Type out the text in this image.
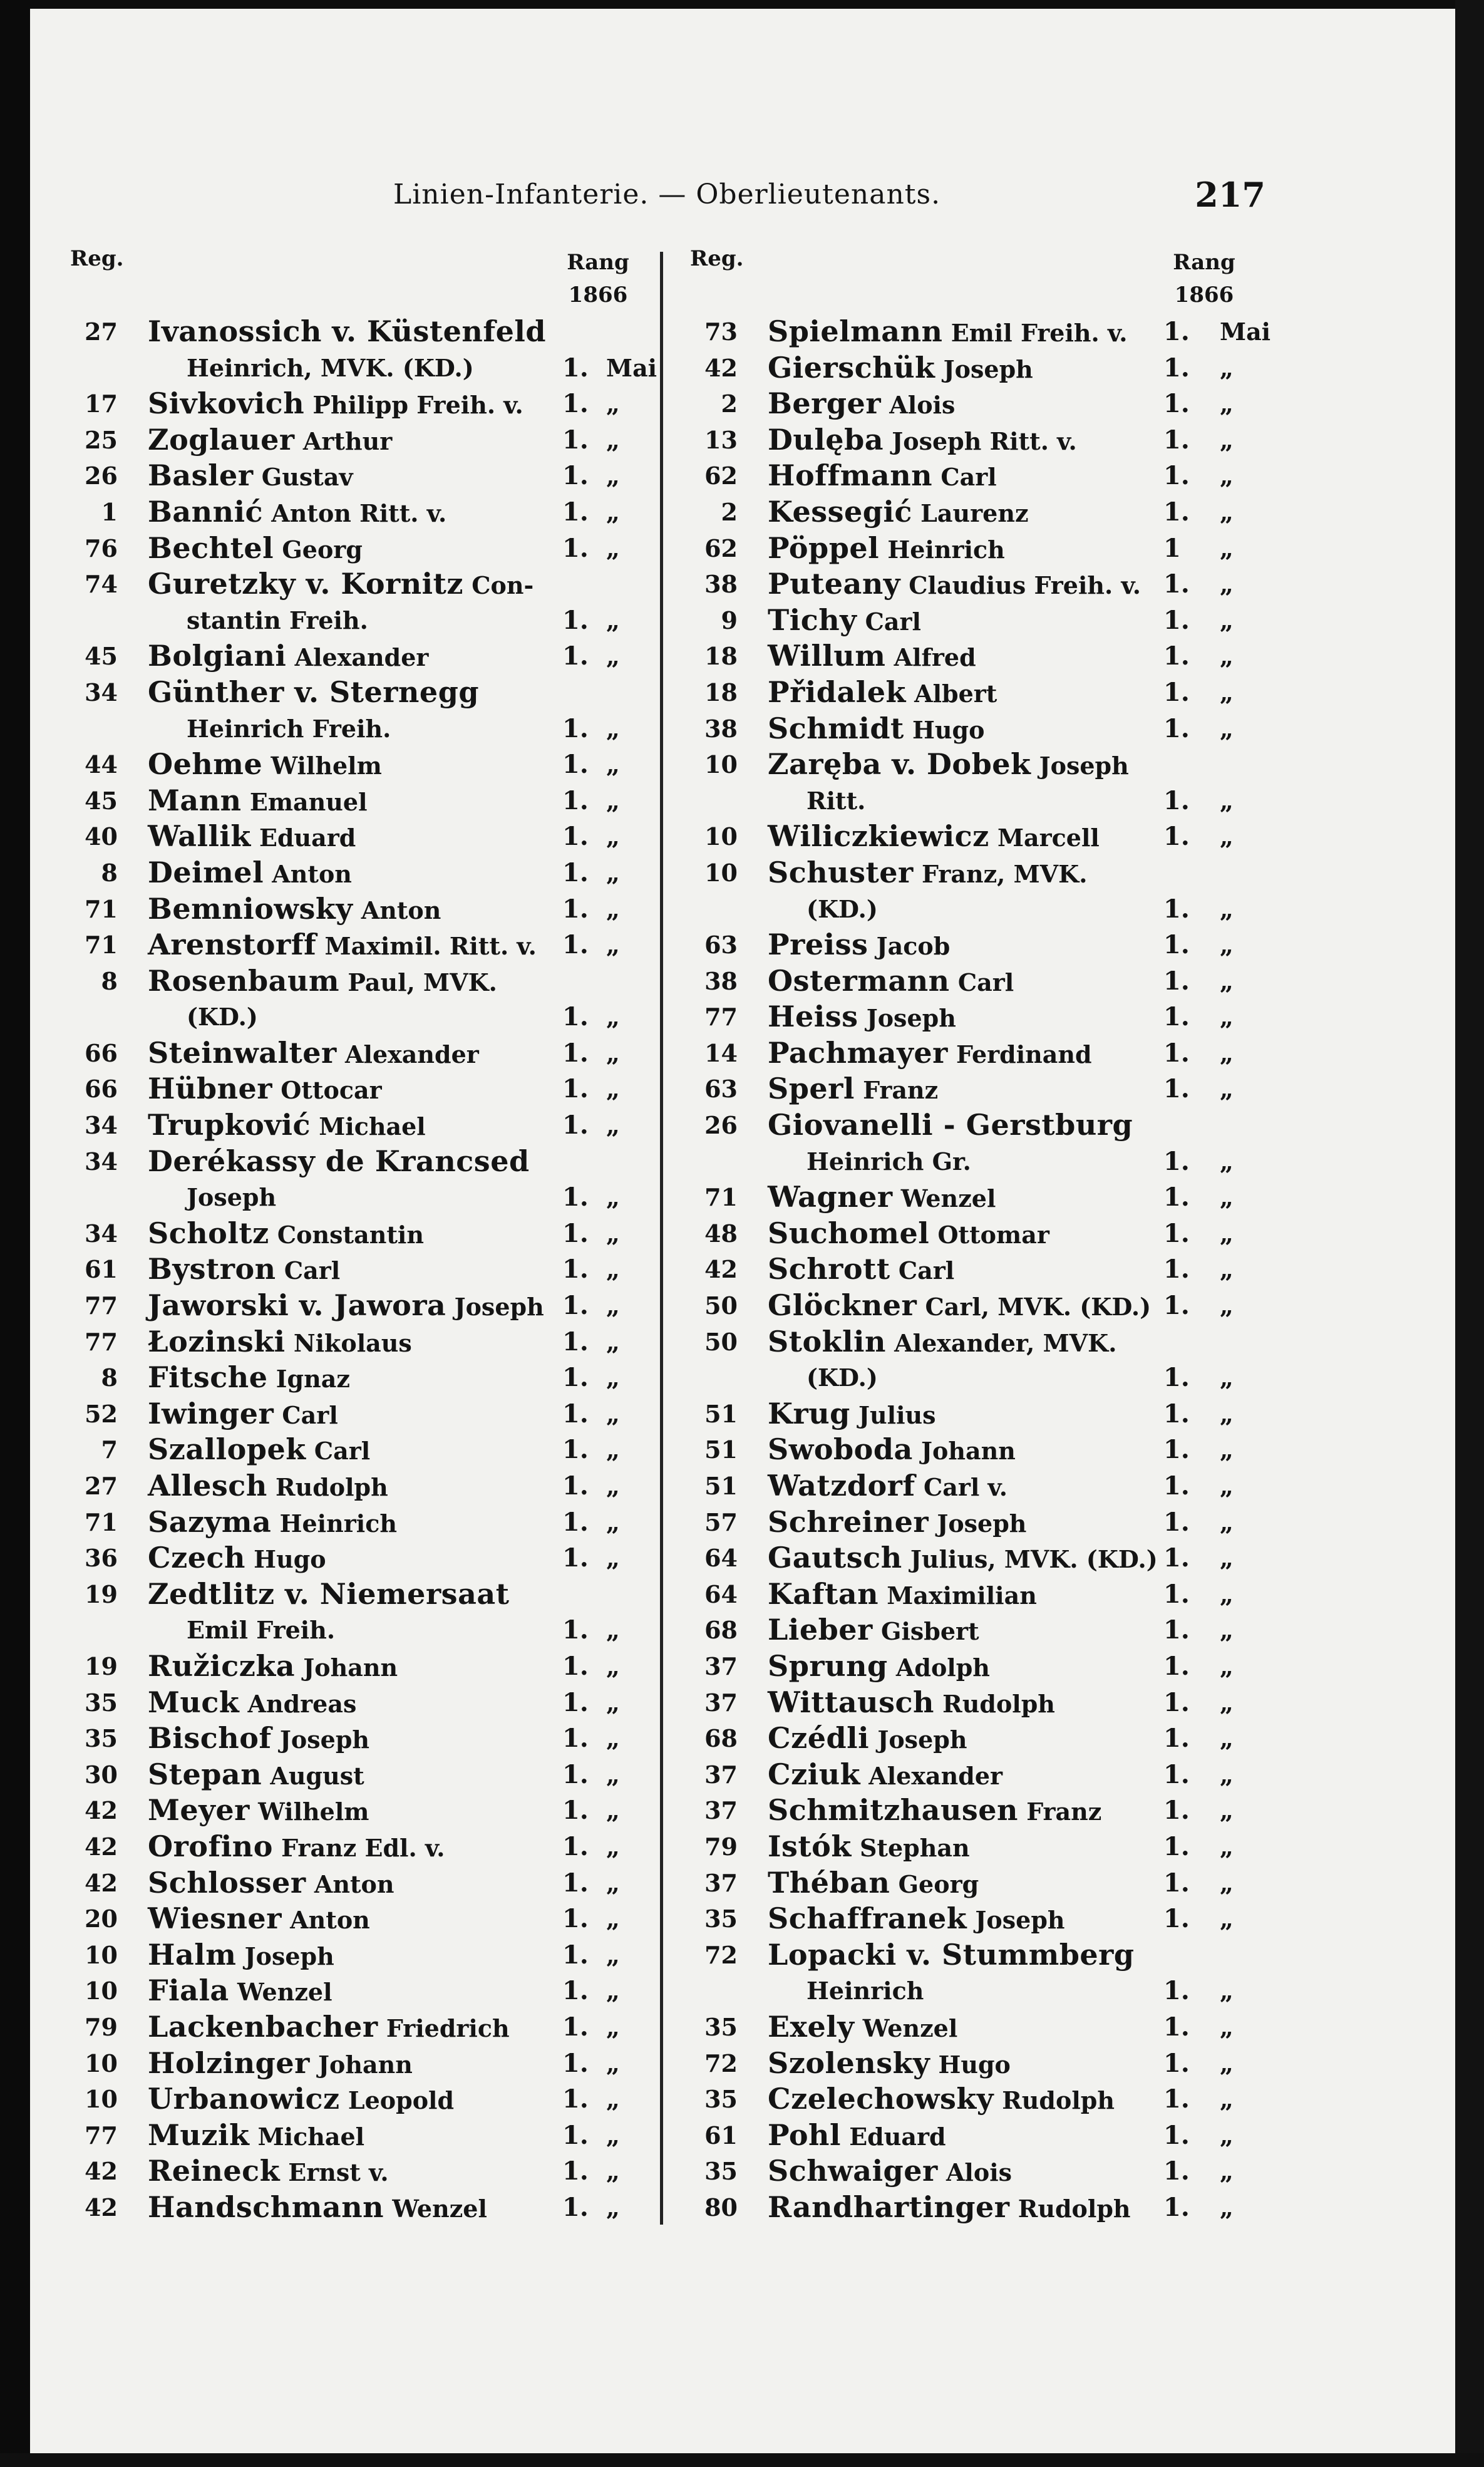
Linien-Infanterie. — Oberlieutenants.	217
Reg.	Rang
1866
27 Ivanossich v. Küstenfeld
Heinrich, MVK. (KD.)	1. Mai
17 Sivkovich Philipp Freih. v. 1. „
25 Zoglauer Arthur	1. „
26 Basler Gustav	1. „
1 Bannić Anton Ritt. v.	1. „
76 Bechtel Georg	1. „
74 Guretzky v. Kornitz Con-
stantin Freih.	1. „
45 Bolgiani Alexander	1. „
34 Günther v. Sternegg
Heinrich Freih.	1. „
44 Oehme Wilhelm	1. „
45 Mann Emanuel	1. „
40 Wallik Eduard	1. „
8 Deimel Anton	1. „
71 Bemniowsky Anton	1. „
71 Arenstorff Maximil. Ritt. v. 1. „
8 Rosenbaum Paul, MVK.
(KD.)	1. „
66 Steinwalter Alexander	1. „
66 Hübner Ottocar	1. „
34 Trupković Michael	1. „
34 Derékassy de Krancsed
Joseph	1. „
34 Scholtz Constantin	1. „
61 Bystron Carl	1. „
77 Jaworski v. Jawora Joseph 1. „
77 Łozinski Nikolaus	1. „
8 Fitsche Ignaz	1. „
52 Iwinger Carl	1. „
7 Szallopek Carl	1. „
27 Allesch Rudolph	1. „
71 Sazyma Heinrich	1. „
36 Czech Hugo	1. „
19 Zedtlitz v. Niemersaat
Emil Freih.	1. „
19 Ružiczka Johann	1. „
35 Muck Andreas	1. „
35 Bischof Joseph	1. „
30 Stepan August	1. „
42 Meyer Wilhelm	1. „
42 Orofino Franz Edl. v.	1. „
42 Schlosser Anton	1. „
20 Wiesner Anton	1. „
10 Halm Joseph	1. „
10 Fiala Wenzel	1. „
79 Lackenbacher Friedrich 1. „
10 Holzinger Johann	1. „
10 Urbanowicz Leopold	1. „
77 Muzik Michael	1. „
42 Reineck Ernst v.	1. „
42 Handschmann Wenzel	1. „
Reg.	Rang
1866
73 Spielmann Emil Freih. v. 1. Mai
42 Gierschük Joseph	1. „
2 Berger Alois	1. „
13 Dulęba Joseph Ritt. v.	1. „
62 Hoffmann Carl	1. „
2 Kessegić Laurenz	1. „
62 Pöppel Heinrich	1 „
38 Puteany Claudius Freih. v. 1. „
9 Tichy Carl	1. „
18 Willum Alfred	1. „
18 Přidalek Albert	1. „
38 Schmidt Hugo	1. „
10 Zaręba v. Dobek Joseph
Ritt.	1. „
10 Wiliczkiewicz Marcell	1. „
10 Schuster Franz, MVK.
(KD.)	1. „
63 Preiss Jacob	1. „
38 Ostermann Carl	1. „
77 Heiss Joseph	1. „
14 Pachmayer Ferdinand	1. „
63 Sperl Franz	1. „
26 Giovanelli - Gerstburg
Heinrich Gr.	1. „
71 Wagner Wenzel	1. „
48 Suchomel Ottomar	1. „
42 Schrott Carl	1. „
50 Glöckner Carl, MVK. (KD.) 1. „
50 Stoklin Alexander, MVK.
(KD.)	1. „
51 Krug Julius	1. „
51 Swoboda Johann	1. „
51 Watzdorf Carl v.	1. „
57 Schreiner Joseph	1. „
64 Gautsch Julius, MVK. (KD.) 1. „
64 Kaftan Maximilian	1. „
68 Lieber Gisbert	1. „
37 Sprung Adolph	1. „
37 Wittausch Rudolph	1. „
68 Czédli Joseph	1. „
37 Cziuk Alexander	1. „
37 Schmitzhausen Franz 1. „
79 Istók Stephan	1. „
37 Théban Georg	1. „
35 Schaffranek Joseph	1. „
72 Lopacki v. Stummberg
Heinrich	1. „
35 Exely Wenzel	1. „
72 Szolensky Hugo	1. „
35 Czelechowsky Rudolph 1. „
61 Pohl Eduard	1. „
35 Schwaiger Alois	1. „
80 Randhartinger Rudolph 1. „
